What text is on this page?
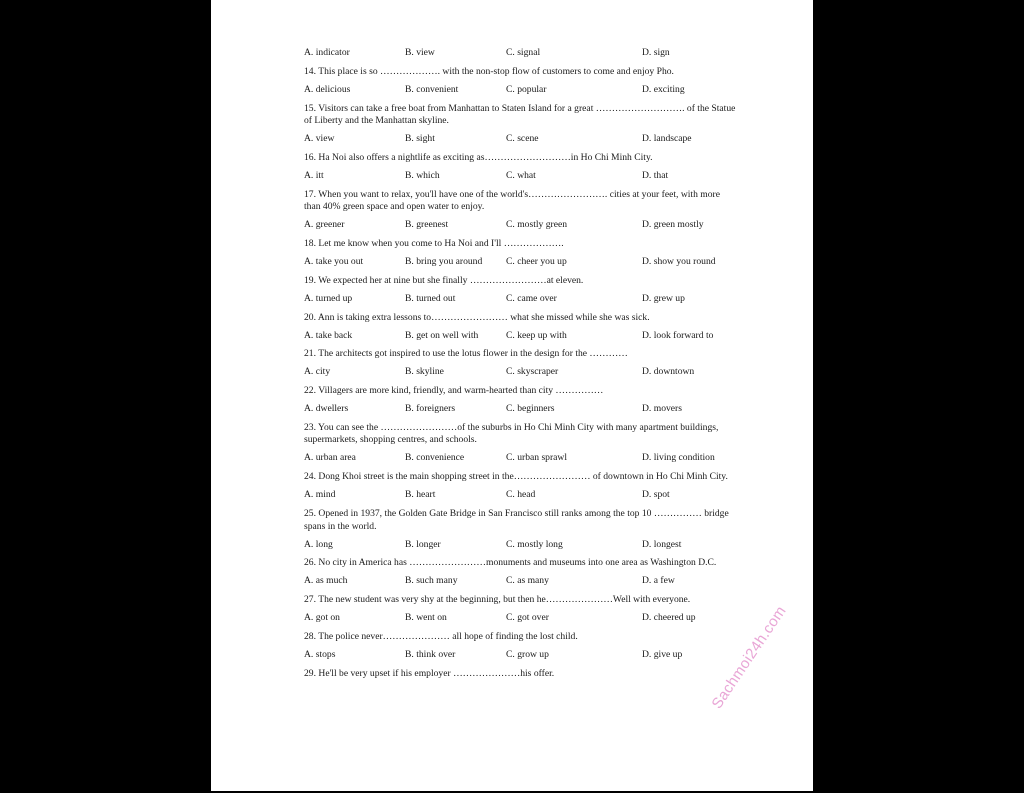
A. indicator	B. view	C. signal	D. sign
14. This place is so ………………. with the non-stop flow of customers to come and enjoy Pho.
A. delicious	B. convenient	C. popular	D. exciting
15. Visitors can take a free boat from Manhattan to Staten Island for a great ………………………. of the Statue of Liberty and the Manhattan skyline.
A. view	B. sight	C. scene	D. landscape
16. Ha Noi also offers a nightlife as exciting as………………………in Ho Chi Minh City.
A. itt	B. which	C. what	D. that
17. When you want to relax, you'll have one of the world's……………………. cities at your feet, with more than 40% green space and open water to enjoy.
A. greener	B. greenest	C. mostly green	D. green mostly
18. Let me know when you come to Ha Noi and I'll ……………….
A. take you out	B. bring you around C. cheer you up	D. show you round
19. We expected her at nine but she finally ……………………at eleven.
A. turned up	B. turned out	C. came over	D. grew up
20. Ann is taking extra lessons to…………………… what she missed while she was sick.
A. take back	B. get on well with	C. keep up with	D. look forward to
21. The architects got inspired to use the lotus flower in the design for the …………
A. city	B. skyline	C. skyscraper	D. downtown
22. Villagers are more kind, friendly, and warm-hearted than city ……………
A. dwellers	B. foreigners	C. beginners	D. movers
23. You can see the ……………………of the suburbs in Ho Chi Minh City with many apartment buildings, supermarkets, shopping centres, and schools.
A. urban area	B. convenience	C. urban sprawl	D. living condition
24. Dong Khoi street is the main shopping street in the…………………… of downtown in Ho Chi Minh City.
A. mind	B. heart	C. head	D. spot
25. Opened in 1937, the Golden Gate Bridge in San Francisco still ranks among the top 10 …………… bridge spans in the world.
A. long	B. longer	C. mostly long	D. longest
26. No city in America has ……………………monuments and museums into one area as Washington D.C.
A. as much	B. such many	C. as many	D. a few
27. The new student was very shy at the beginning, but then he…………………Well with everyone.
A. got on	B. went on	C. got over	D. cheered up
28. The police never………………… all hope of finding the lost child.
A. stops	B. think over	C. grow up	D. give up
29. He'll be very upset if his employer …………………his offer.	Sachmoi24h.com
